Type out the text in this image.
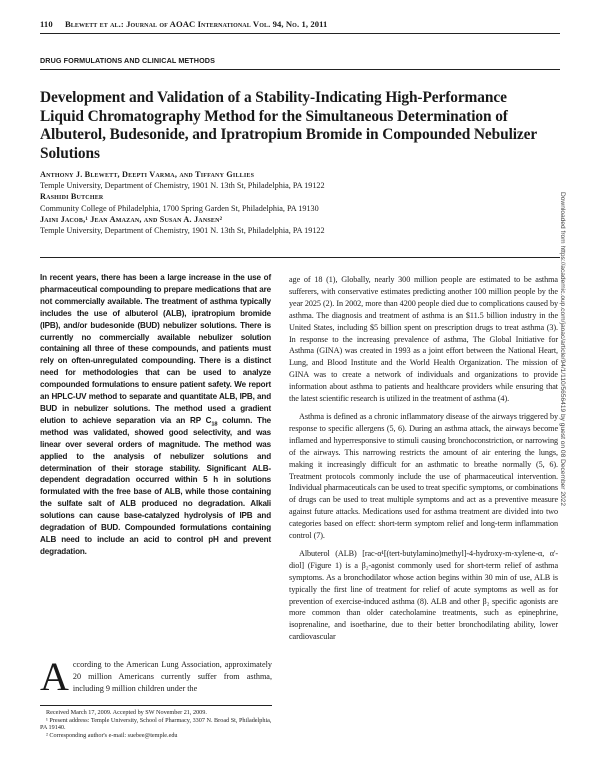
110 Blewett et al.: Journal of AOAC International Vol. 94, No. 1, 2011
DRUG FORMULATIONS AND CLINICAL METHODS
Development and Validation of a Stability-Indicating High-Performance Liquid Chromatography Method for the Simultaneous Determination of Albuterol, Budesonide, and Ipratropium Bromide in Compounded Nebulizer Solutions
Anthony J. Blewett, Deepti Varma, and Tiffany Gillies
Temple University, Department of Chemistry, 1901 N. 13th St, Philadelphia, PA 19122
Rashidi Butcher
Community College of Philadelphia, 1700 Spring Garden St, Philadelphia, PA 19130
Jaini Jacob,¹ Jean Amazan, and Susan A. Jansen²
Temple University, Department of Chemistry, 1901 N. 13th St, Philadelphia, PA 19122
In recent years, there has been a large increase in the use of pharmaceutical compounding to prepare medications that are not commercially available. The treatment of asthma typically includes the use of albuterol (ALB), ipratropium bromide (IPB), and/or budesonide (BUD) nebulizer solutions. There is currently no commercially available nebulizer solution containing all three of these compounds, and patients must rely on often-unregulated compounding. There is a distinct need for methodologies that can be used to analyze compounded formulations to ensure patient safety. We report an HPLC-UV method to separate and quantitate ALB, IPB, and BUD in nebulizer solutions. The method used a gradient elution to achieve separation via an RP $C_{18}$ column. The method was validated, showed good selectivity, and was linear over several orders of magnitude. The method was applied to the analysis of nebulizer solutions and determination of their storage stability. Significant ALB-dependent degradation occurred within 5 h in solutions formulated with the free base of ALB, while those containing the sulfate salt of ALB produced no degradation. Alkali solutions can cause base-catalyzed hydrolysis of IPB and degradation of BUD. Compounded formulations containing ALB need to include an acid to control pH and prevent degradation.
According to the American Lung Association, approximately 20 million Americans currently suffer from asthma, including 9 million children under the
Received March 17, 2009. Accepted by SW November 21, 2009.
¹ Present address: Temple University, School of Pharmacy, 3307 N. Broad St, Philadelphia, PA 19140.
² Corresponding author's e-mail: suebee@temple.edu

age of 18 (1), Globally, nearly 300 million people are estimated to be asthma sufferers, with conservative estimates predicting another 100 million people by the year 2025 (2). In 2002, more than 4200 people died due to complications caused by asthma. The diagnosis and treatment of asthma is an $11.5 billion industry in the United States, including $5 billion spent on prescription drugs to treat asthma (3). In response to the increasing prevalence of asthma, The Global Initiative for Asthma (GINA) was created in 1993 as a joint effort between the National Heart, Lung, and Blood Institute and the World Health Organization. The mission of GINA was to create a network of individuals and organizations to provide information about asthma to patients and healthcare providers while ensuring that the latest scientific research is utilized in the treatment of asthma (4).

Asthma is defined as a chronic inflammatory disease of the airways triggered by response to specific allergens (5, 6). During an asthma attack, the airways become inflamed and hyperresponsive to stimuli causing bronchoconstriction, or narrowing of the airways. This narrowing restricts the amount of air entering the lungs, making it increasingly difficult for an asthmatic to breathe normally (5, 6). Treatment protocols commonly include the use of pharmaceutical intervention. Individual pharmaceuticals can be used to treat specific symptoms, or combinations of drugs can be used to treat multiple symptoms and act as a preventive measure against future attacks. Medications used for asthma treatment are divided into two categories based on effect: short-term symptom relief and long-term inflammation control (7).

Albuterol (ALB) [rac-α¹[(tert-butylamino)methyl]-4-hydroxy-m-xylene-α, α'-diol] (Figure 1) is a β₂-agonist commonly used for short-term relief of asthma symptoms. As a bronchodilator whose action begins within 30 min of use, ALB is typically the first line of treatment for relief of acute symptoms as well as for prevention of exercise-induced asthma (8). ALB and other β₂ specific agonists are more common than older catecholamine treatments, such as epinephrine, isoprenaline, and isoetharine, due to their better bronchodilating ability, lower cardiovascular

Downloaded from https://academic.oup.com/jaoac/article/94/1/110/5656419 by guest on 08 December 2022
